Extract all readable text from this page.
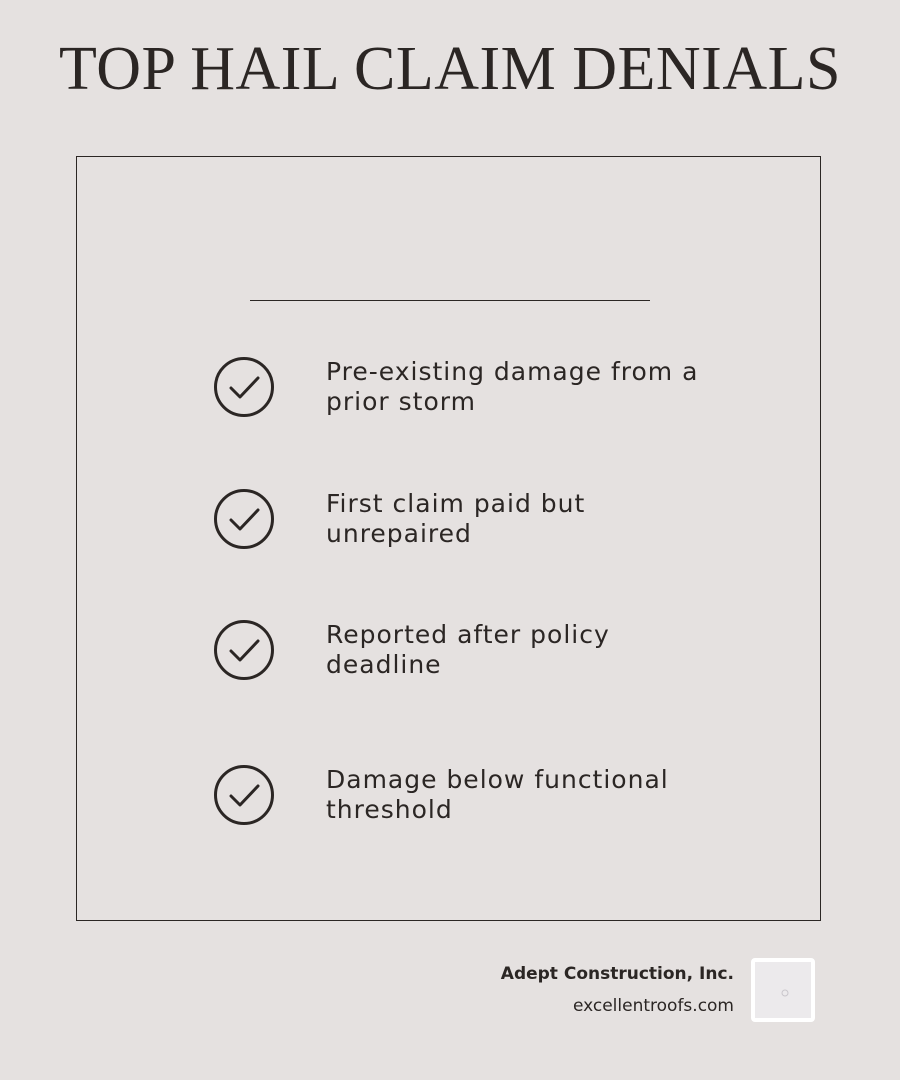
TOP HAIL CLAIM DENIALS
Pre-existing damage from a prior storm
First claim paid but unrepaired
Reported after policy deadline
Damage below functional threshold
Adept Construction, Inc.
excellentroofs.com
